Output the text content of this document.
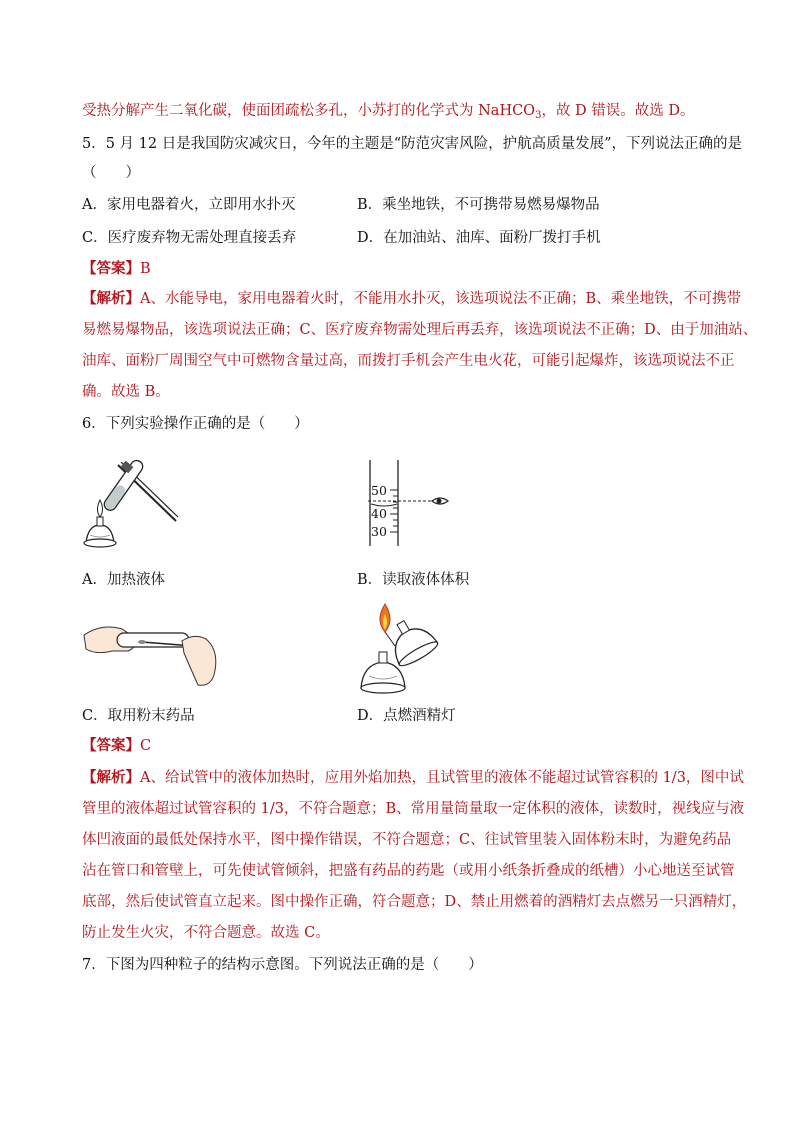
受热分解产生二氧化碳，使面团疏松多孔，小苏打的化学式为 NaHCO$_3$，故 D 错误。故选 D。
5．5 月 12 日是我国防灾减灾日，今年的主题是“防范灾害风险，护航高质量发展”，下列说法正确的是
（　　）
A．家用电器着火，立即用水扑灭	B．乘坐地铁，不可携带易燃易爆物品
C．医疗废弃物无需处理直接丢弃	D．在加油站、油库、面粉厂拨打手机
【答案】B
【解析】A、水能导电，家用电器着火时，不能用水扑灭，该选项说法不正确；B、乘坐地铁，不可携带
易燃易爆物品，该选项说法正确；C、医疗废弃物需处理后再丢弃，该选项说法不正确；D、由于加油站、
油库、面粉厂周围空气中可燃物含量过高，而拨打手机会产生电火花，可能引起爆炸，该选项说法不正
确。故选 B。
6．下列实验操作正确的是（　　）
A．加热液体
50
40
30
B．读取液体体积
C．取用粉末药品	D．点燃酒精灯
【答案】C
【解析】A、给试管中的液体加热时，应用外焰加热，且试管里的液体不能超过试管容积的 1/3，图中试
管里的液体超过试管容积的 1/3，不符合题意；B、常用量筒量取一定体积的液体，读数时，视线应与液
体凹液面的最低处保持水平，图中操作错误，不符合题意；C、往试管里装入固体粉末时，为避免药品
沾在管口和管壁上，可先使试管倾斜，把盛有药品的药匙（或用小纸条折叠成的纸槽）小心地送至试管
底部，然后使试管直立起来。图中操作正确，符合题意；D、禁止用燃着的酒精灯去点燃另一只酒精灯，
防止发生火灾，不符合题意。故选 C。
7．下图为四种粒子的结构示意图。下列说法正确的是（　　）
